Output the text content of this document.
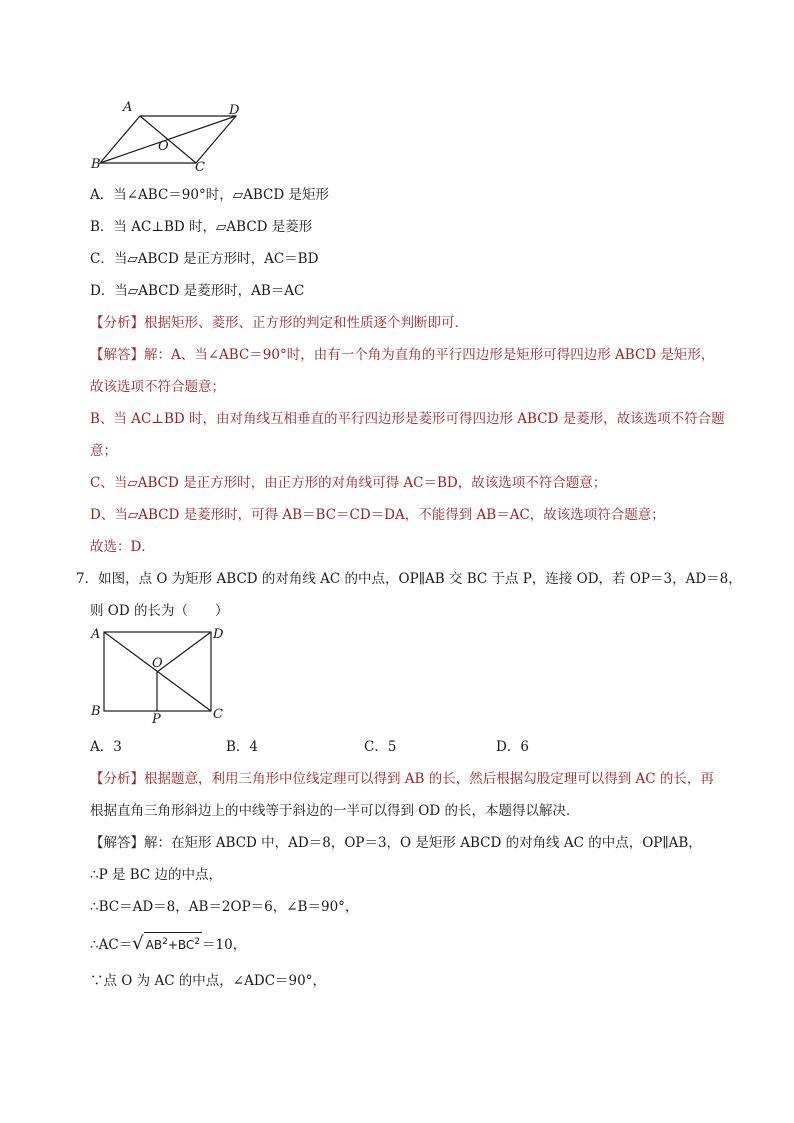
A	D
B	C
O
A．当∠ABC＝90°时，▱ABCD 是矩形
B．当 AC⊥BD 时，▱ABCD 是菱形
C．当▱ABCD 是正方形时，AC＝BD
D．当▱ABCD 是菱形时，AB＝AC
【分析】根据矩形、菱形、正方形的判定和性质逐个判断即可．
【解答】解：A、当∠ABC＝90°时，由有一个角为直角的平行四边形是矩形可得四边形 ABCD 是矩形，
故该选项不符合题意；
B、当 AC⊥BD 时，由对角线互相垂直的平行四边形是菱形可得四边形 ABCD 是菱形，故该选项不符合题
意；
C、当▱ABCD 是正方形时，由正方形的对角线可得 AC＝BD，故该选项不符合题意；
D、当▱ABCD 是菱形时，可得 AB＝BC＝CD＝DA，不能得到 AB＝AC，故该选项符合题意；
故选：D．
7．如图，点 O 为矩形 ABCD 的对角线 AC 的中点，OP∥AB 交 BC 于点 P，连接 OD，若 OP＝3，AD＝8，
则 OD 的长为（　　）
A	D
B	C
O
P
A．3	B．4	C．5	D．6
【分析】根据题意，利用三角形中位线定理可以得到 AB 的长，然后根据勾股定理可以得到 AC 的长，再
根据直角三角形斜边上的中线等于斜边的一半可以得到 OD 的长，本题得以解决．
【解答】解：在矩形 ABCD 中，AD＝8，OP＝3，O 是矩形 ABCD 的对角线 AC 的中点，OP∥AB，
∴P 是 BC 边的中点，
∴BC＝AD＝8，AB＝2OP＝6，∠B＝90°，
∴AC＝√ $AB^2+BC^2 =10$，
∵点 O 为 AC 的中点，∠ADC＝90°，
